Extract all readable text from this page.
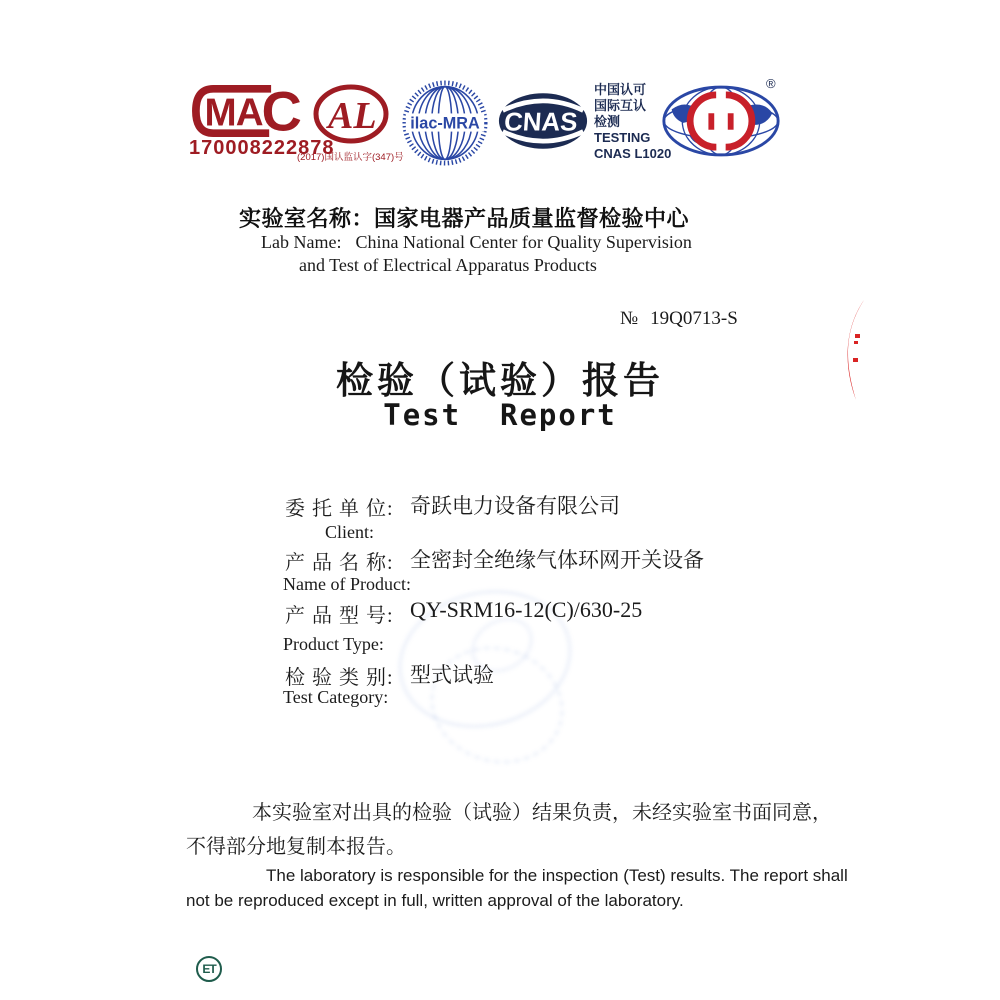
MA
C
170008222878
AL
(2017)国认监认字(347)号
ilac-MRA CNAS
中国认可
国际互认
检测
TESTING
CNAS L1020
®
实验室名称：国家电器产品质量监督检验中心
Lab Name: China National Center for Quality Supervision
and Test of Electrical Apparatus Products
№ 19Q0713-S
检验（试验）报告
Test  Report
委 托 单 位: 奇跃电力设备有限公司
Client:
产 品 名 称: 全密封全绝缘气体环网开关设备
Name of Product:
产 品 型 号: QY-SRM16-12(C)/630-25
Product Type:
检 验 类 别: 型式试验
Test Category:
本实验室对出具的检验（试验）结果负责，未经实验室书面同意，
不得部分地复制本报告。
The laboratory is responsible for the inspection (Test) results. The report shall
not be reproduced except in full, written approval of the laboratory.
ET
